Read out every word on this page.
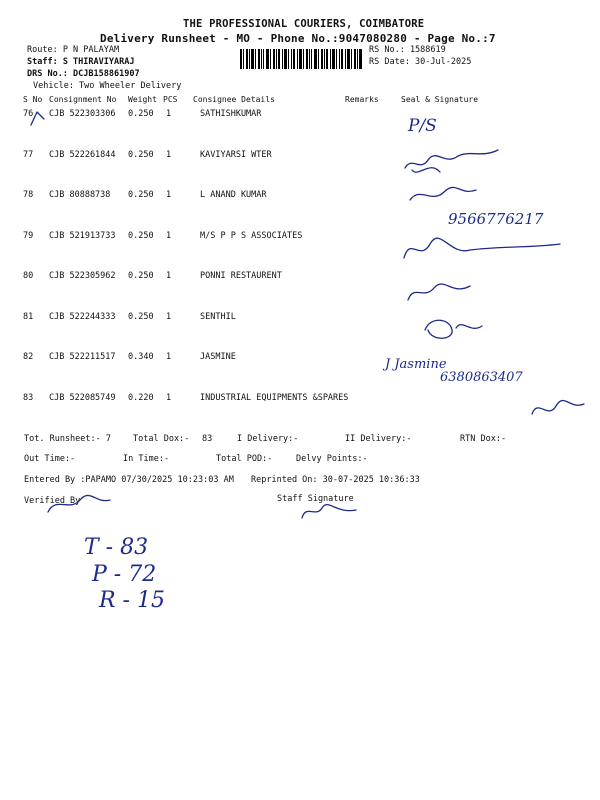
THE PROFESSIONAL COURIERS, COIMBATORE
Delivery Runsheet - MO - Phone No.:9047080280 - Page No.:7
Route: P N PALAYAM
Staff: S THIRAVIYARAJ
DRS No.: DCJB158861907
Vehicle: Two Wheeler Delivery
RS No.: 1588619
RS Date: 30-Jul-2025
S No Consignment No Weight PCS Consignee Details	Remarks	Seal & Signature
76 CJB 522303306 0.250 1	SATHISHKUMAR
77 CJB 522261844 0.250 1	KAVIYARSI WTER
78 CJB 80888738 0.250 1	L ANAND KUMAR
79 CJB 521913733 0.250 1	M/S P P S ASSOCIATES
80 CJB 522305962 0.250 1	PONNI RESTAURENT
81 CJB 522244333 0.250 1	SENTHIL
82 CJB 522211517 0.340 1	JASMINE
83 CJB 522085749 0.220 1	INDUSTRIAL EQUIPMENTS &SPARES
Tot. Runsheet:- 7	Total Dox:- 83	I Delivery:-	II Delivery:-	RTN Dox:-
Out Time:-	In Time:-	Total POD:-	Delvy Points:-
Entered By :PAPAMO 07/30/2025 10:23:03 AM Reprinted On: 30-07-2025 10:36:33
Verified By	Staff Signature
P/S
9566776217
J Jasmine
6380863407
T - 83
P - 72
R - 15
